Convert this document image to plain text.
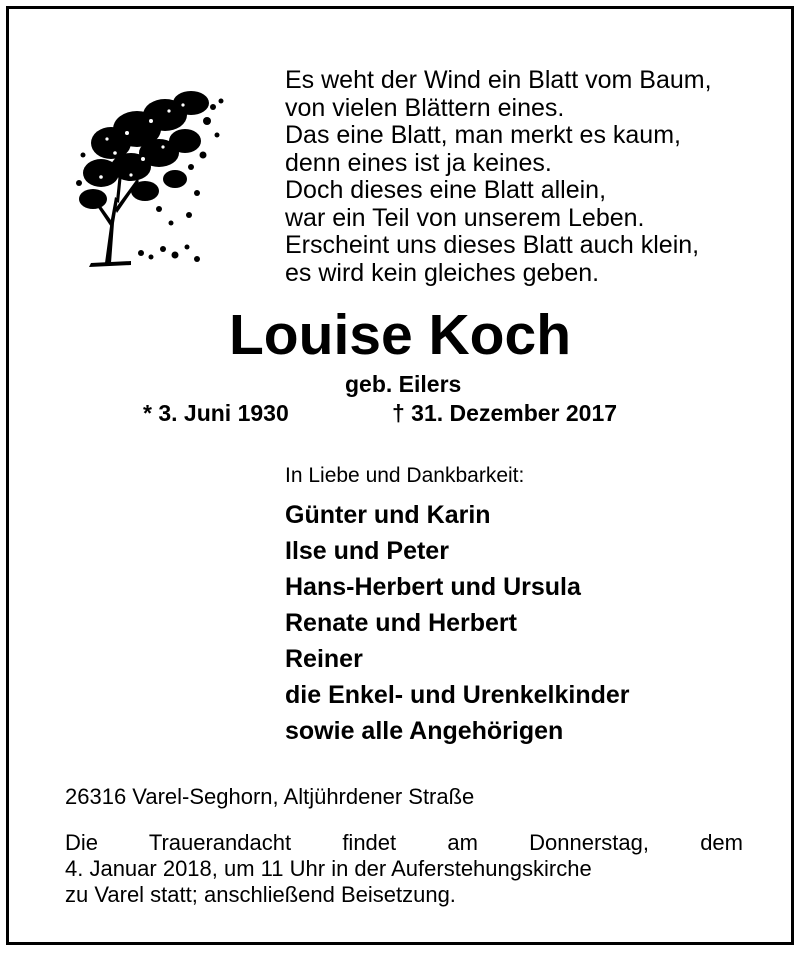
Es weht der Wind ein Blatt vom Baum,
von vielen Blättern eines.
Das eine Blatt, man merkt es kaum,
denn eines ist ja keines.
Doch dieses eine Blatt allein,
war ein Teil von unserem Leben.
Erscheint uns dieses Blatt auch klein,
es wird kein gleiches geben.
Louise Koch
geb. Eilers
* 3. Juni 1930	† 31. Dezember 2017
In Liebe und Dankbarkeit:
Günter und Karin
Ilse und Peter
Hans-Herbert und Ursula
Renate und Herbert
Reiner
die Enkel- und Urenkelkinder
sowie alle Angehörigen
26316 Varel-Seghorn, Altjührdener Straße
Die Trauerandacht findet am Donnerstag, dem
4. Januar 2018, um 11 Uhr in der Auferstehungskirche
zu Varel statt; anschließend Beisetzung.
